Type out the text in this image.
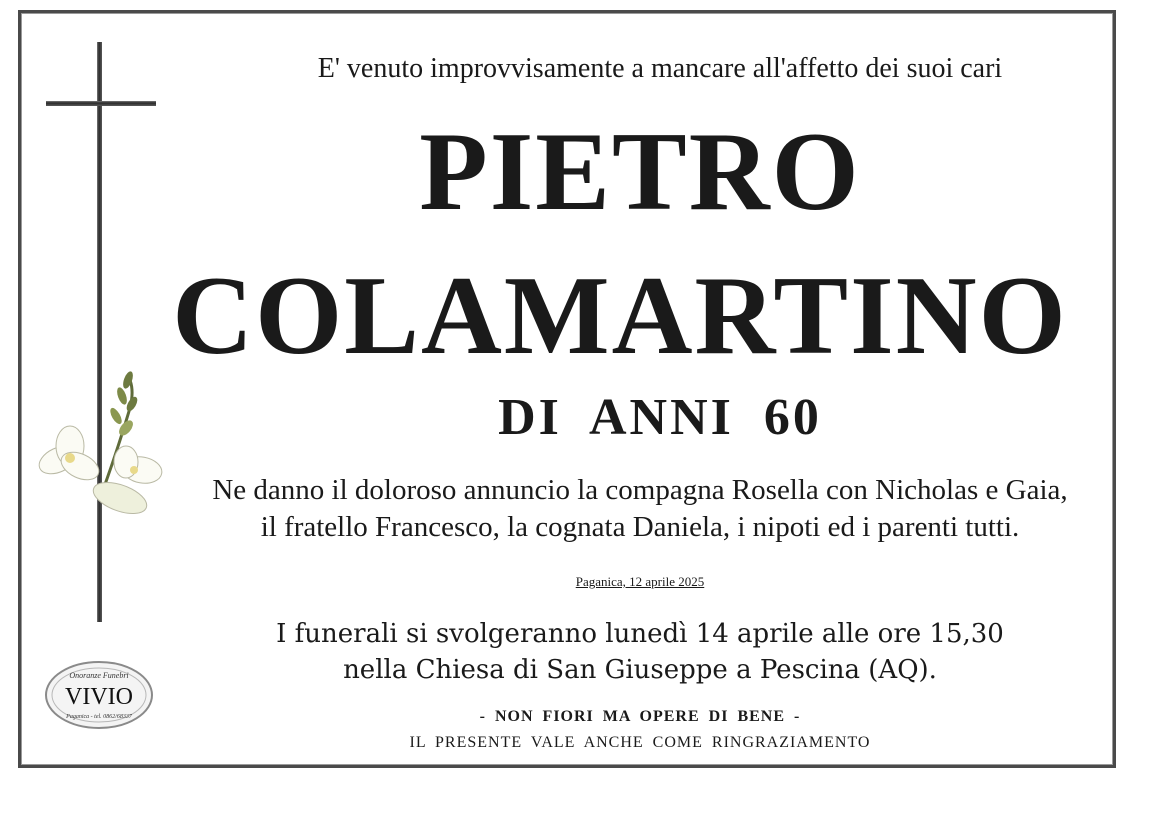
E' venuto improvvisamente a mancare all'affetto dei suoi cari
PIETRO
COLAMARTINO
DI ANNI 60
Ne danno il doloroso annuncio la compagna Rosella con Nicholas e Gaia,
il fratello Francesco, la cognata Daniela, i nipoti ed i parenti tutti.
Paganica, 12 aprile 2025
I funerali si svolgeranno lunedì 14 aprile alle ore 15,30
nella Chiesa di San Giuseppe a Pescina (AQ).
- NON FIORI MA OPERE DI BENE -
IL PRESENTE VALE ANCHE COME RINGRAZIAMENTO
Onoranze Funebri
VIVIO
Paganica - tel. 0862/68337
